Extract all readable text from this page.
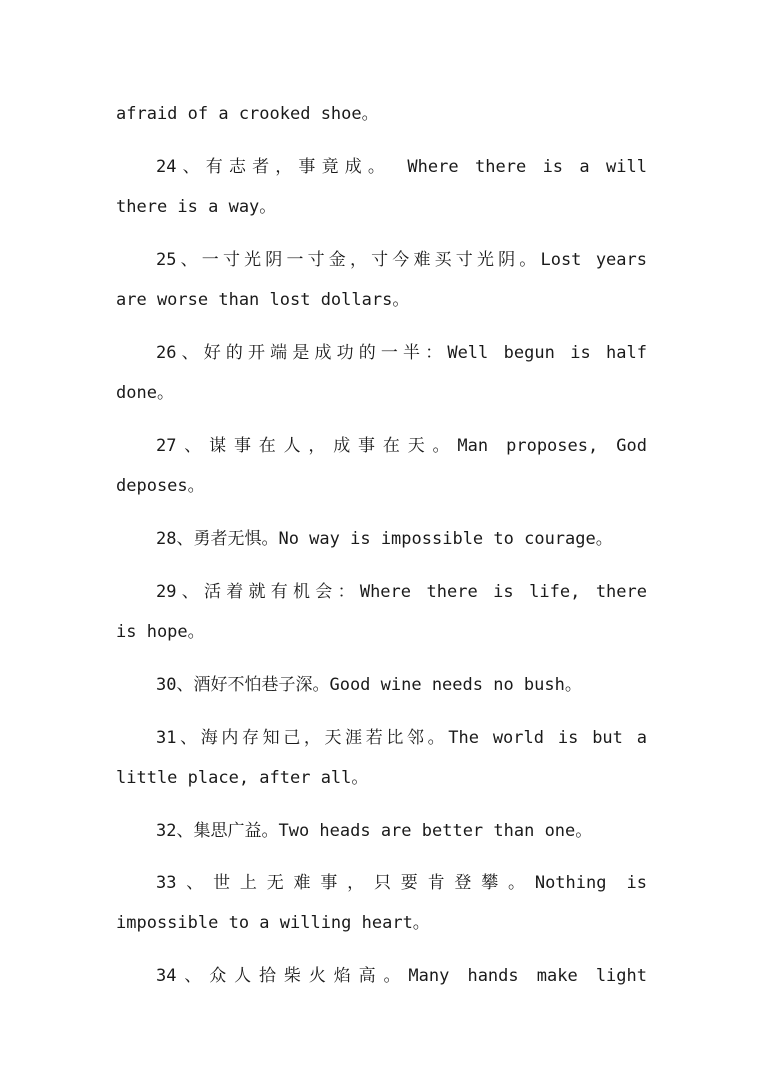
afraid of a crooked shoe。
24、有志者，事竟成。 Where there is a will
there is a way。
25、一寸光阴一寸金，寸今难买寸光阴。Lost years
are worse than lost dollars。
26、好的开端是成功的一半：Well begun is half
done。
27、谋事在人，成事在天。Man proposes, God
deposes。
28、勇者无惧。No way is impossible to courage。
29、活着就有机会：Where there is life, there
is hope。
30、酒好不怕巷子深。Good wine needs no bush。
31、海内存知己，天涯若比邻。The world is but a
little place, after all。
32、集思广益。Two heads are better than one。
33、世上无难事，只要肯登攀。Nothing is
impossible to a willing heart。
34、众人拾柴火焰高。Many hands make light
